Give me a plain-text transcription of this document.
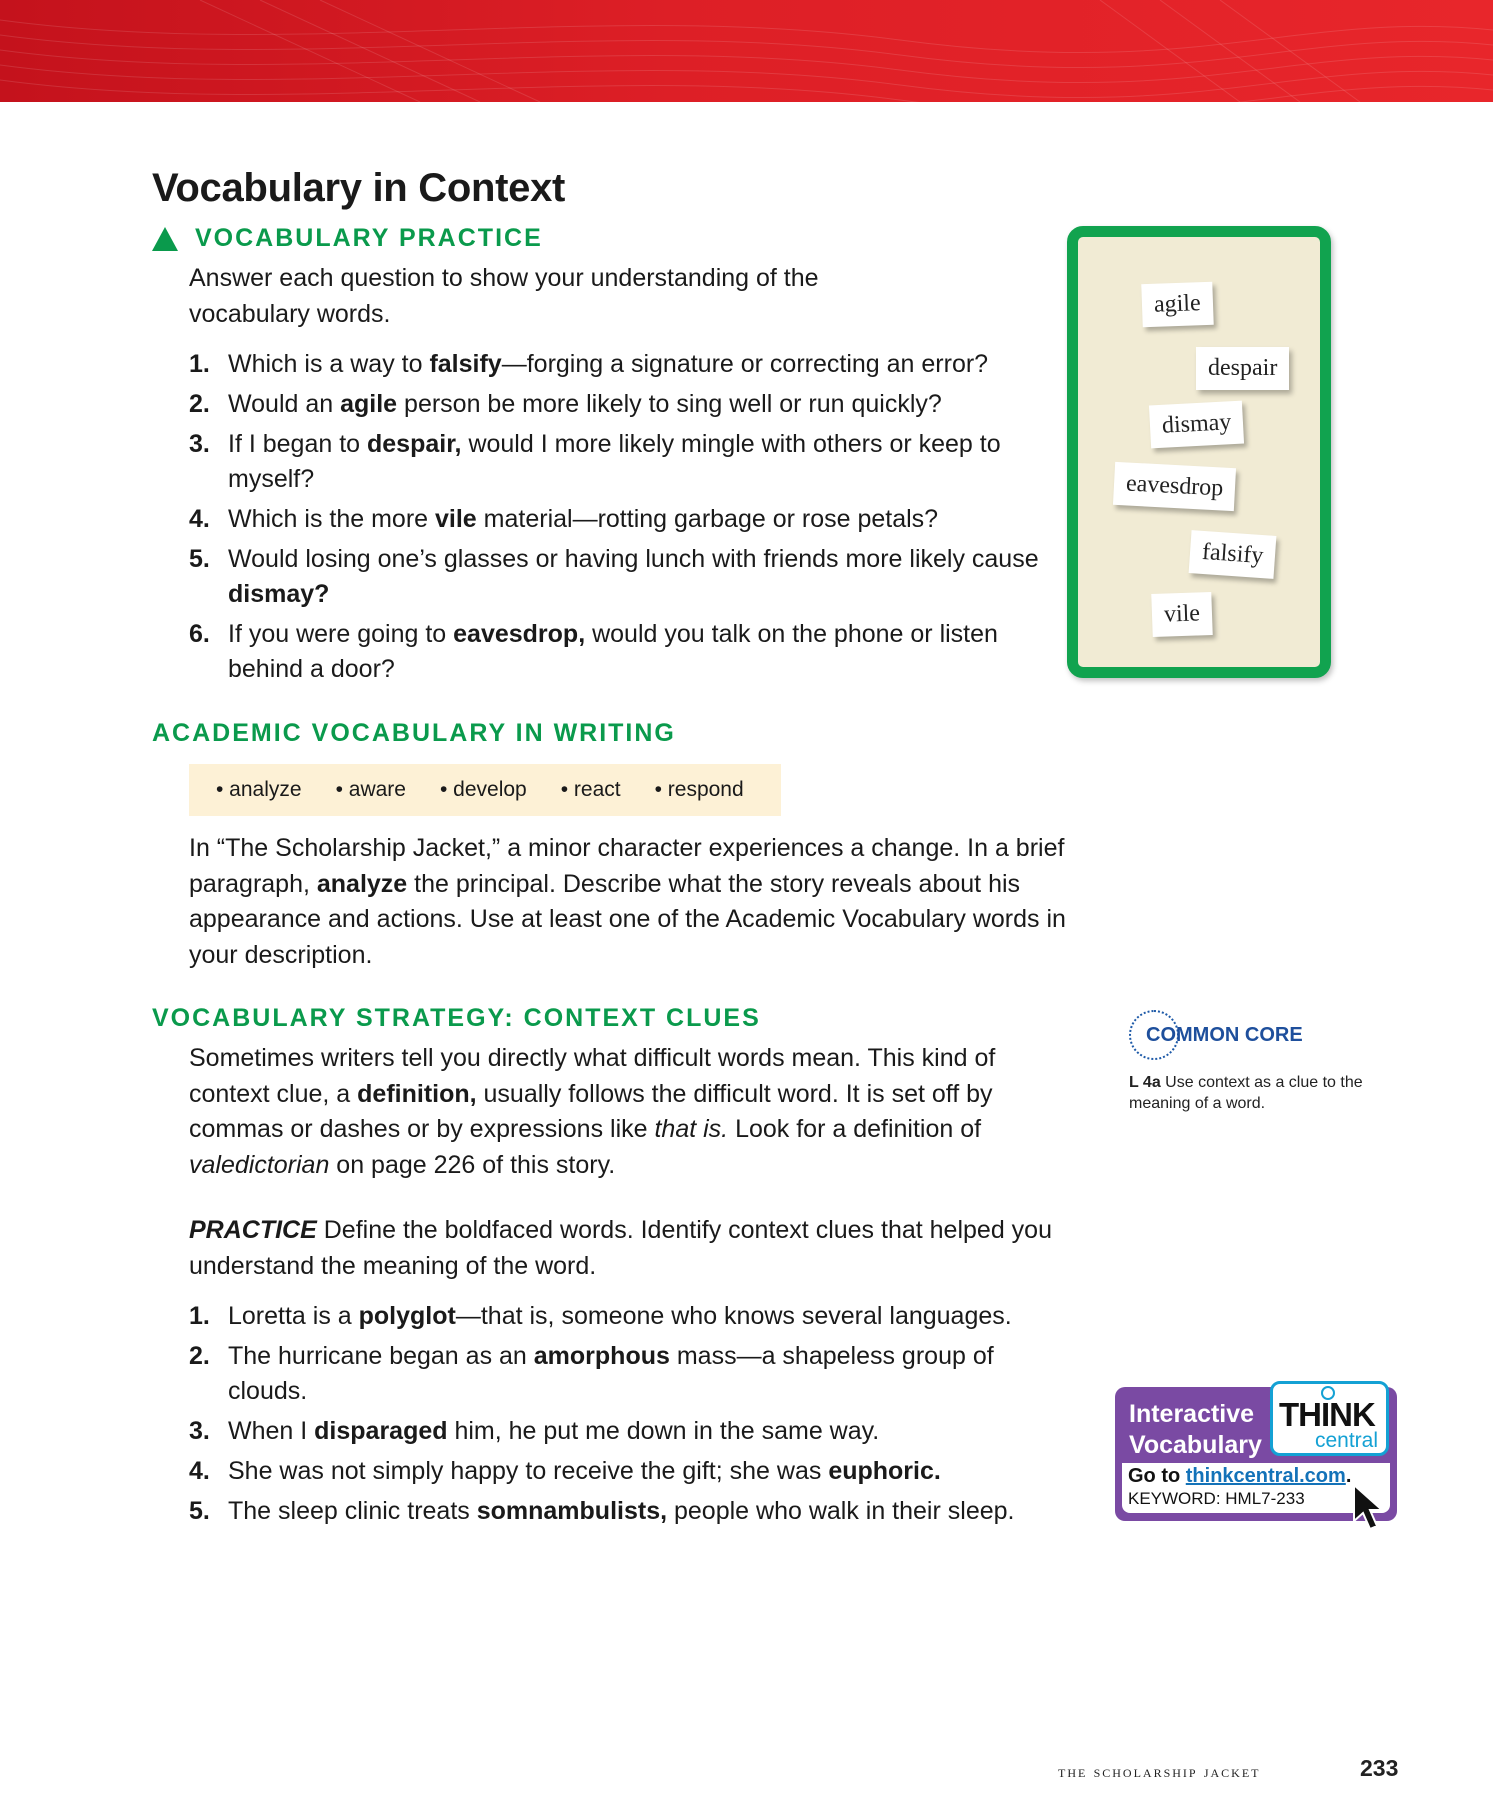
Vocabulary in Context
VOCABULARY PRACTICE

Answer each question to show your understanding of the vocabulary words.

1. Which is a way to falsify—forging a signature or correcting an error?
2. Would an agile person be more likely to sing well or run quickly?
3. If I began to despair, would I more likely mingle with others or keep to myself?
4. Which is the more vile material—rotting garbage or rose petals?
5. Would losing one’s glasses or having lunch with friends more likely cause dismay?
6. If you were going to eavesdrop, would you talk on the phone or listen behind a door?
agile
despair
dismay
eavesdrop
falsify
vile
ACADEMIC VOCABULARY IN WRITING
• analyze • aware • develop • react • respond

In “The Scholarship Jacket,” a minor character experiences a change. In a brief paragraph, analyze the principal. Describe what the story reveals about his appearance and actions. Use at least one of the Academic Vocabulary words in your description.

VOCABULARY STRATEGY: CONTEXT CLUES

Sometimes writers tell you directly what difficult words mean. This kind of context clue, a definition, usually follows the difficult word. It is set off by commas or dashes or by expressions like that is. Look for a definition of valedictorian on page 226 of this story.

PRACTICE Define the boldfaced words. Identify context clues that helped you understand the meaning of the word.

1. Loretta is a polyglot—that is, someone who knows several languages.
2. The hurricane began as an amorphous mass—a shapeless group of clouds.
3. When I disparaged him, he put me down in the same way.
4. She was not simply happy to receive the gift; she was euphoric.
5. The sleep clinic treats somnambulists, people who walk in their sleep.
COMMON CORE
L 4a Use context as a clue to the meaning of a word.
Interactive
Vocabulary
Go to thinkcentral.com.
KEYWORD: HML7-233
THINK
central
the scholarship jacket	233
